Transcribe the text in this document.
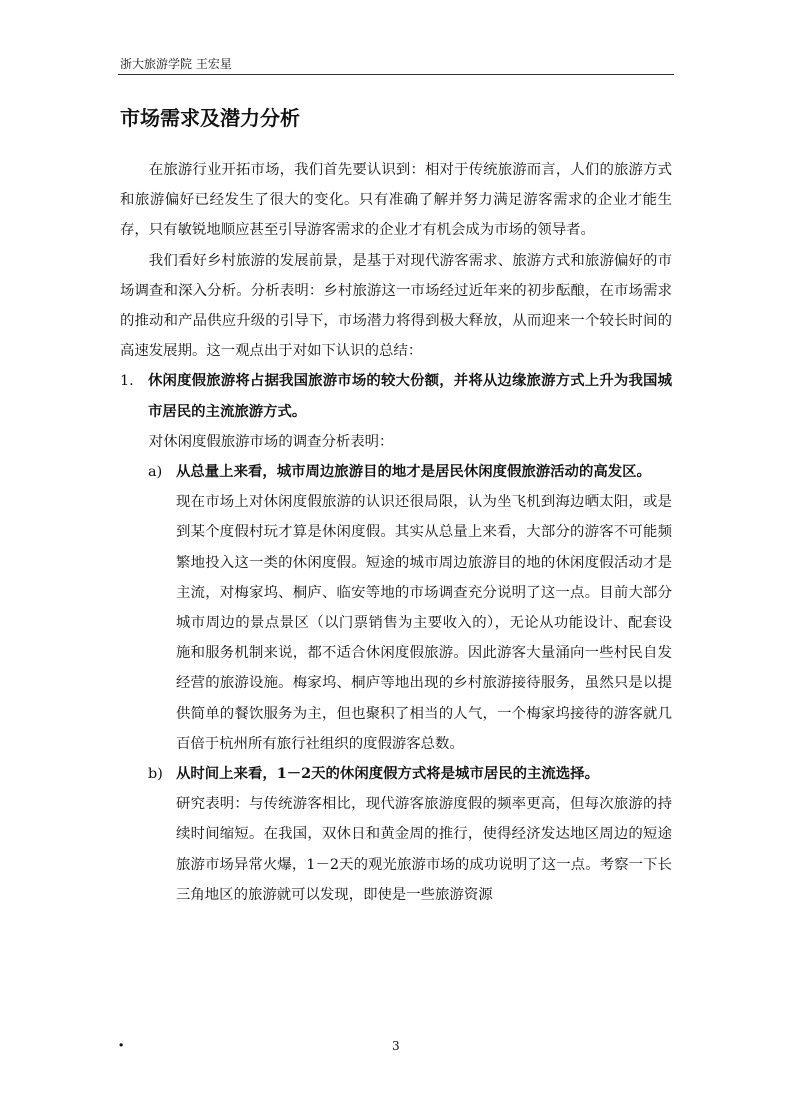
浙大旅游学院 王宏星
市场需求及潜力分析

在旅游行业开拓市场，我们首先要认识到：相对于传统旅游而言，人们的旅游方式和旅游偏好已经发生了很大的变化。只有准确了解并努力满足游客需求的企业才能生存，只有敏锐地顺应甚至引导游客需求的企业才有机会成为市场的领导者。

我们看好乡村旅游的发展前景，是基于对现代游客需求、旅游方式和旅游偏好的市场调查和深入分析。分析表明：乡村旅游这一市场经过近年来的初步酝酿，在市场需求的推动和产品供应升级的引导下，市场潜力将得到极大释放，从而迎来一个较长时间的高速发展期。这一观点出于对如下认识的总结：

1. 休闲度假旅游将占据我国旅游市场的较大份额，并将从边缘旅游方式上升为我国城市居民的主流旅游方式。

对休闲度假旅游市场的调查分析表明：

a) 从总量上来看，城市周边旅游目的地才是居民休闲度假旅游活动的高发区。

现在市场上对休闲度假旅游的认识还很局限，认为坐飞机到海边晒太阳，或是到某个度假村玩才算是休闲度假。其实从总量上来看，大部分的游客不可能频繁地投入这一类的休闲度假。短途的城市周边旅游目的地的休闲度假活动才是主流，对梅家坞、桐庐、临安等地的市场调查充分说明了这一点。目前大部分城市周边的景点景区（以门票销售为主要收入的），无论从功能设计、配套设施和服务机制来说，都不适合休闲度假旅游。因此游客大量涌向一些村民自发经营的旅游设施。梅家坞、桐庐等地出现的乡村旅游接待服务，虽然只是以提供简单的餐饮服务为主，但也聚积了相当的人气，一个梅家坞接待的游客就几百倍于杭州所有旅行社组织的度假游客总数。

b) 从时间上来看，1－2天的休闲度假方式将是城市居民的主流选择。

研究表明：与传统游客相比，现代游客旅游度假的频率更高，但每次旅游的持续时间缩短。在我国，双休日和黄金周的推行，使得经济发达地区周边的短途旅游市场异常火爆，1－2天的观光旅游市场的成功说明了这一点。考察一下长三角地区的旅游就可以发现，即使是一些旅游资源

·	3
